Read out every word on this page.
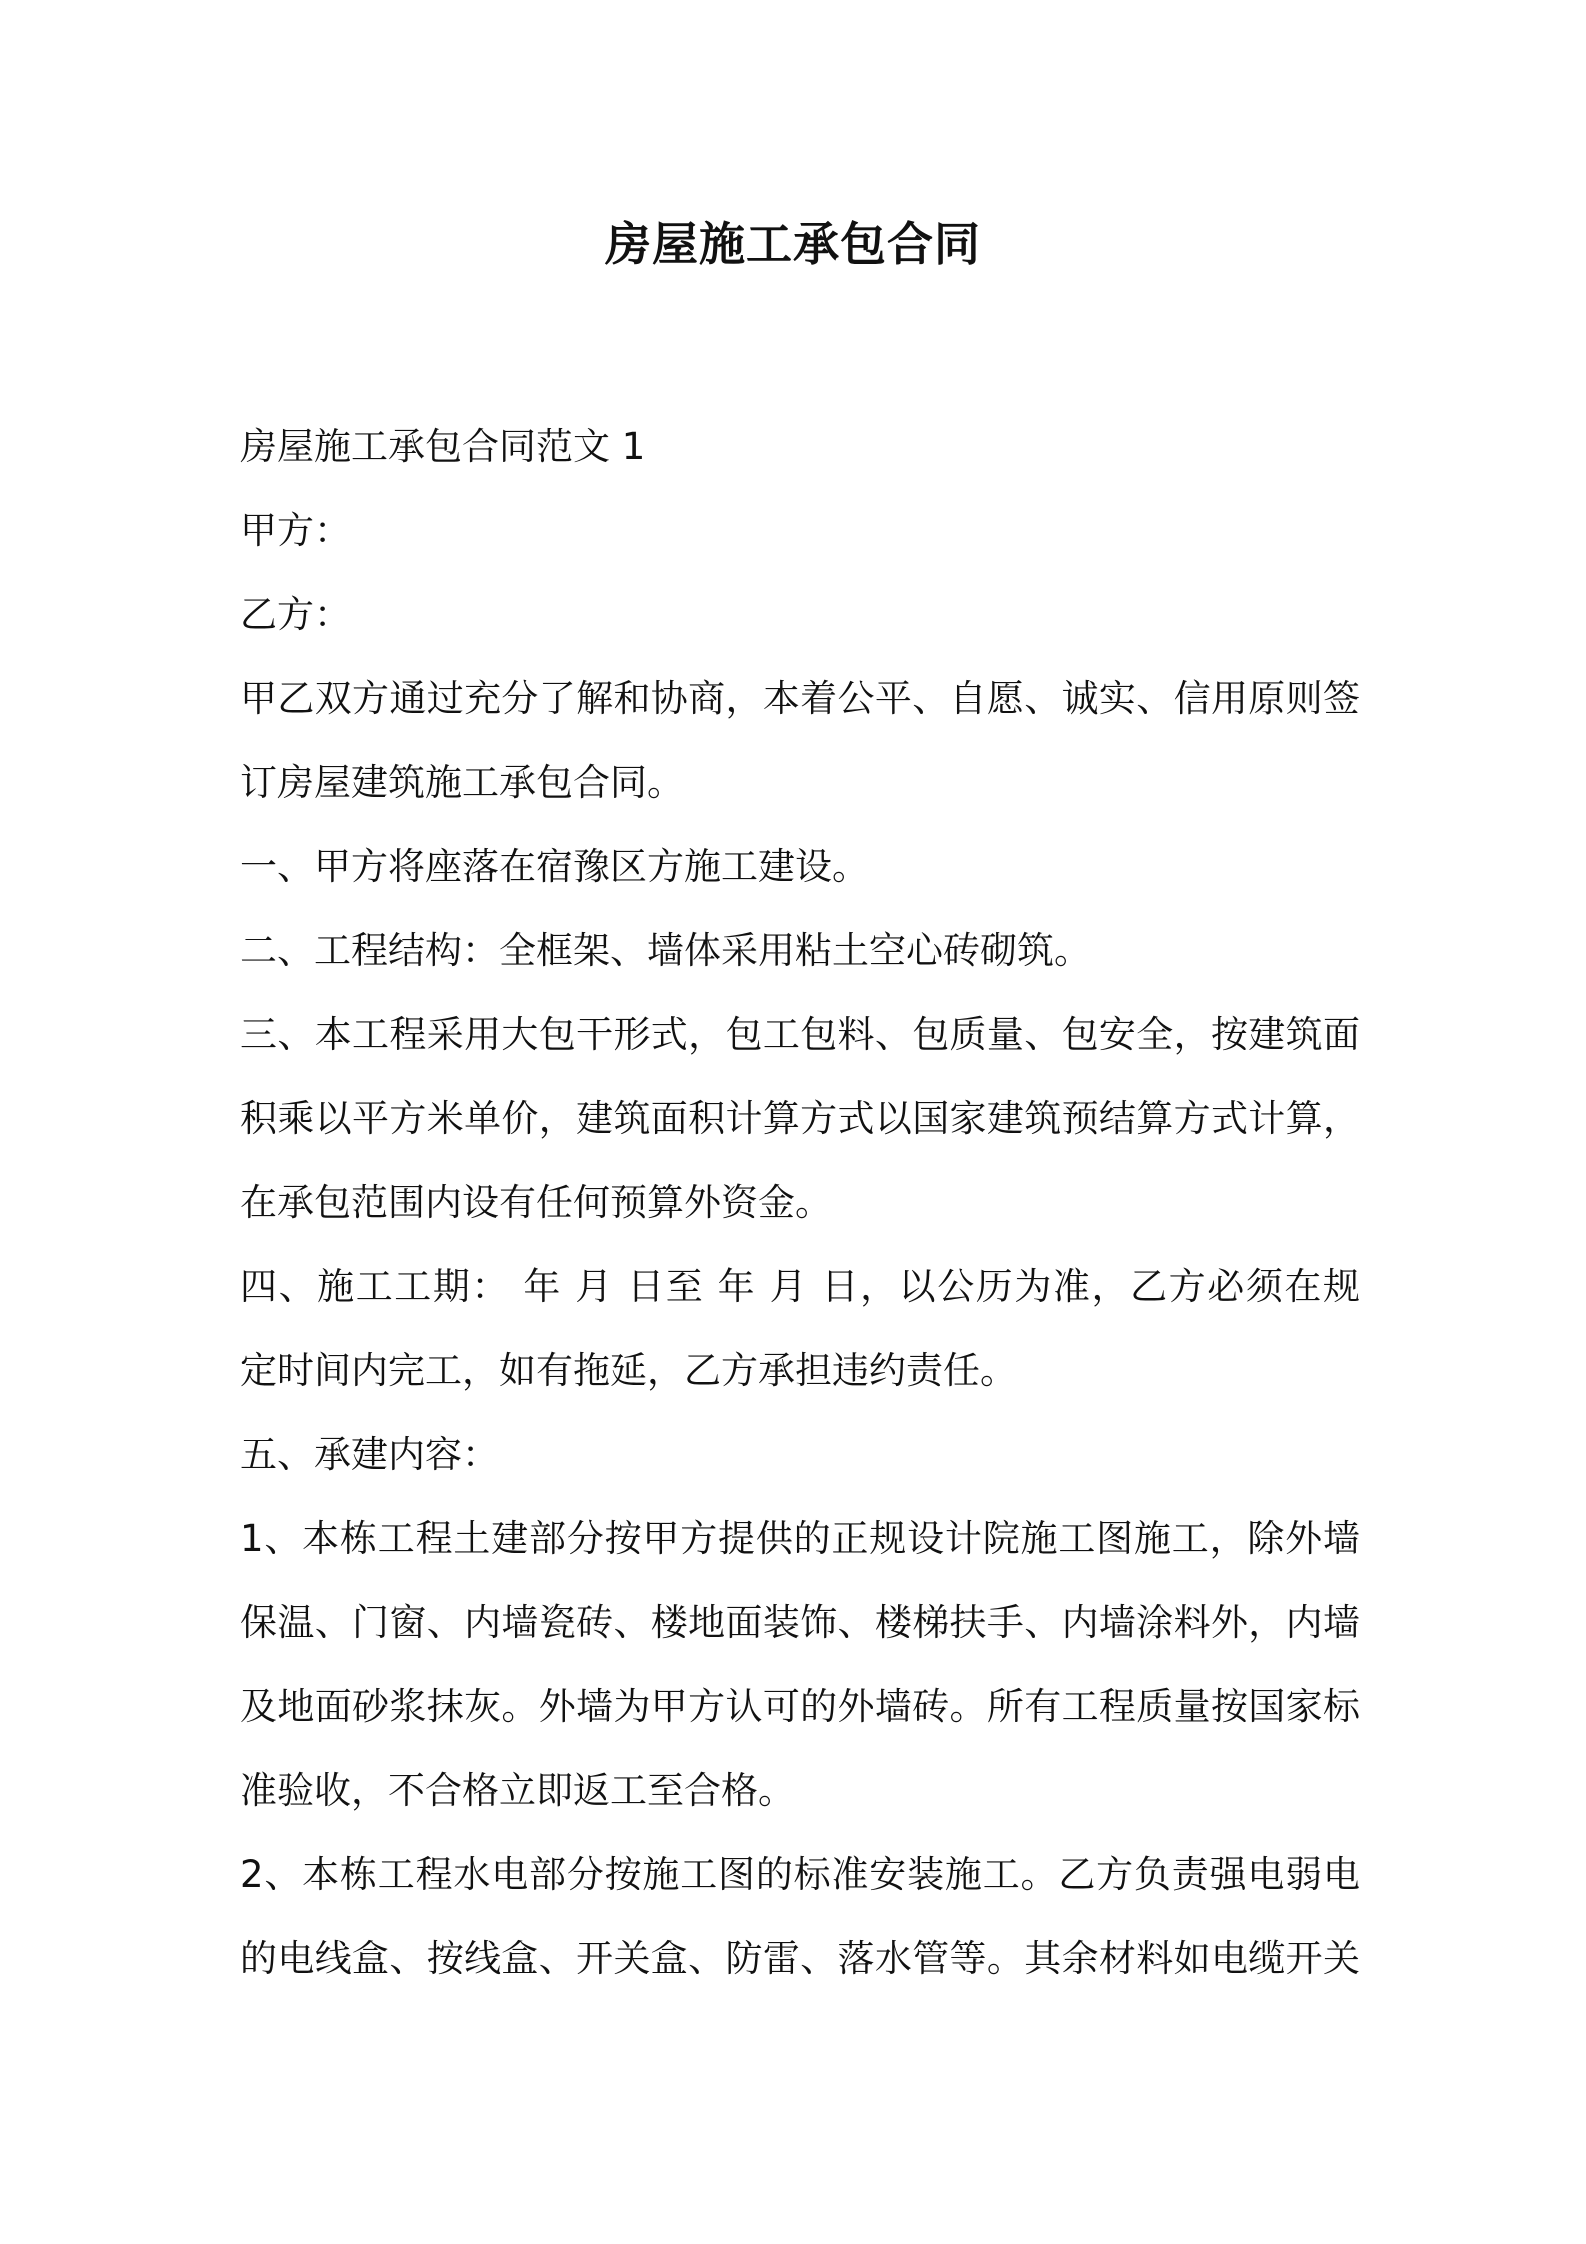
房屋施工承包合同
房屋施工承包合同范文 1
甲方：
乙方：
甲乙双方通过充分了解和协商，本着公平、自愿、诚实、信用原则签
订房屋建筑施工承包合同。
一、甲方将座落在宿豫区方施工建设。
二、工程结构：全框架、墙体采用粘土空心砖砌筑。
三、本工程采用大包干形式，包工包料、包质量、包安全，按建筑面
积乘以平方米单价，建筑面积计算方式以国家建筑预结算方式计算，
在承包范围内设有任何预算外资金。
四、施工工期： 年 月 日至 年 月 日，以公历为准，乙方必须在规
定时间内完工，如有拖延，乙方承担违约责任。
五、承建内容：
1、本栋工程土建部分按甲方提供的正规设计院施工图施工，除外墙
保温、门窗、内墙瓷砖、楼地面装饰、楼梯扶手、内墙涂料外，内墙
及地面砂浆抹灰。外墙为甲方认可的外墙砖。所有工程质量按国家标
准验收，不合格立即返工至合格。
2、本栋工程水电部分按施工图的标准安装施工。乙方负责强电弱电
的电线盒、按线盒、开关盒、防雷、落水管等。其余材料如电缆开关
